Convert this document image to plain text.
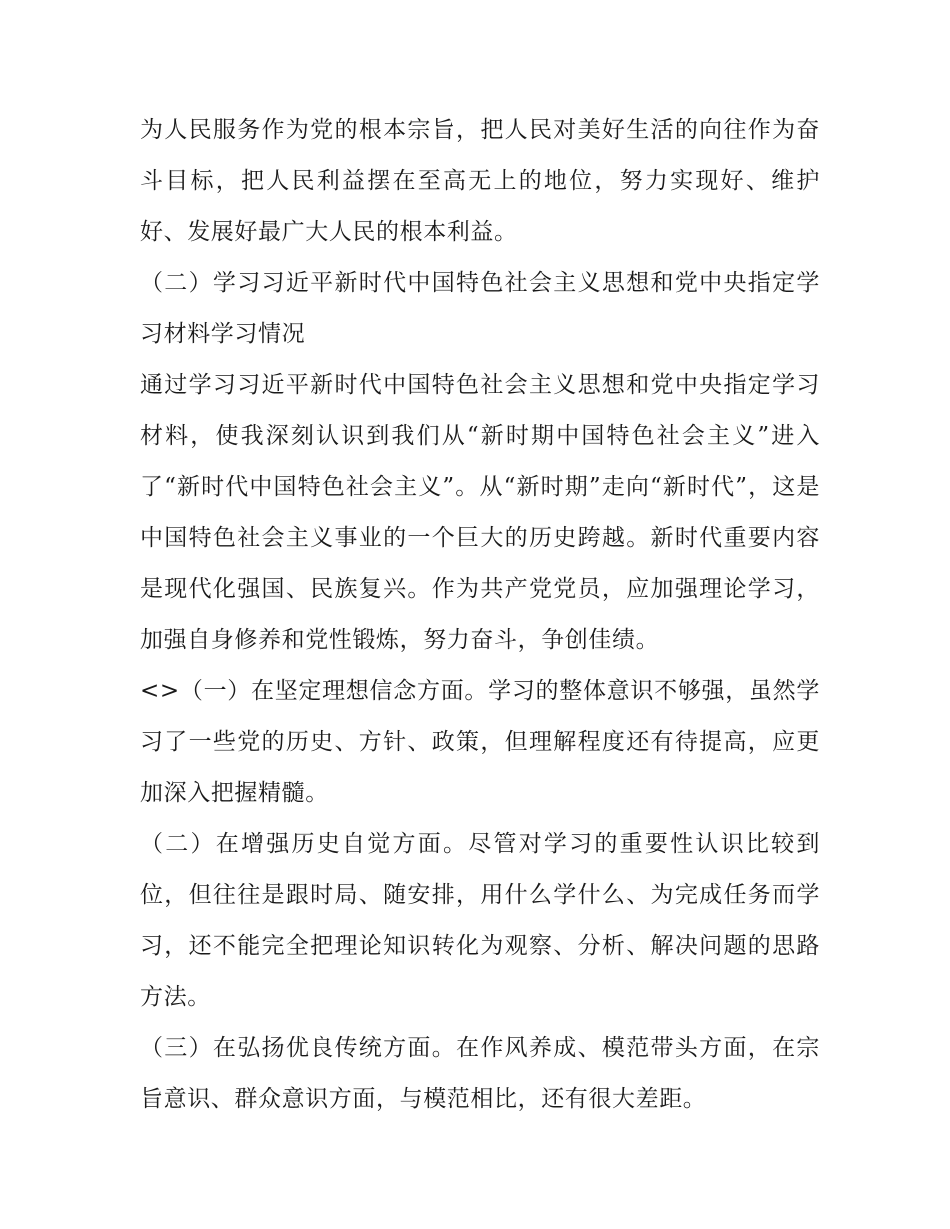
为人民服务作为党的根本宗旨，把人民对美好生活的向往作为奋斗目标，把人民利益摆在至高无上的地位，努力实现好、维护好、发展好最广大人民的根本利益。

（二）学习习近平新时代中国特色社会主义思想和党中央指定学习材料学习情况

通过学习习近平新时代中国特色社会主义思想和党中央指定学习材料，使我深刻认识到我们从“新时期中国特色社会主义”进入了“新时代中国特色社会主义”。从“新时期”走向“新时代”，这是中国特色社会主义事业的一个巨大的历史跨越。新时代重要内容是现代化强国、民族复兴。作为共产党党员，应加强理论学习，加强自身修养和党性锻炼，努力奋斗，争创佳绩。

<>（一）在坚定理想信念方面。学习的整体意识不够强，虽然学习了一些党的历史、方针、政策，但理解程度还有待提高，应更加深入把握精髓。

（二）在增强历史自觉方面。尽管对学习的重要性认识比较到位，但往往是跟时局、随安排，用什么学什么、为完成任务而学习，还不能完全把理论知识转化为观察、分析、解决问题的思路方法。

（三）在弘扬优良传统方面。在作风养成、模范带头方面，在宗旨意识、群众意识方面，与模范相比，还有很大差距。
